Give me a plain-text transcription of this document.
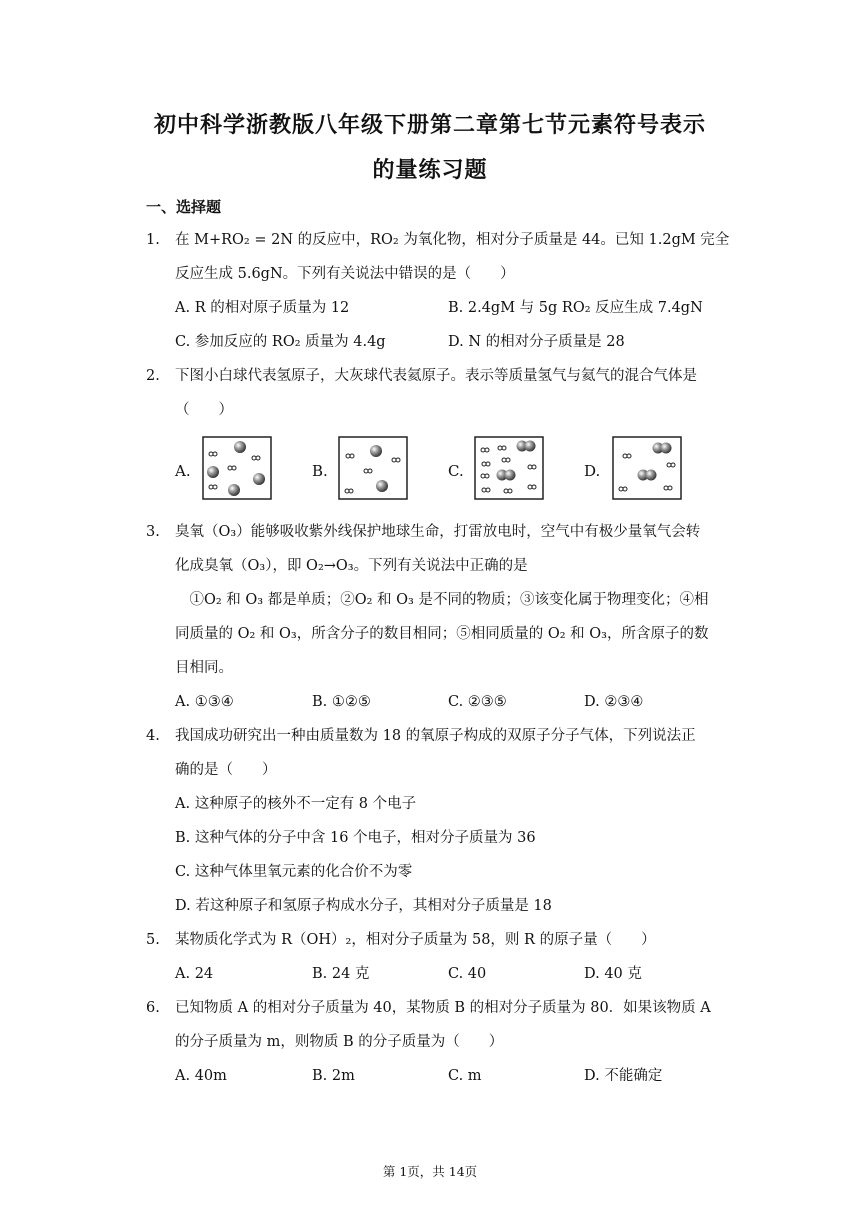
初中科学浙教版八年级下册第二章第七节元素符号表示
的量练习题
一、选择题
1. 在 M+RO₂ = 2N 的反应中，RO₂ 为氧化物，相对分子质量是 44。已知 1.2gM 完全
反应生成 5.6gN。下列有关说法中错误的是（　　）
A. R 的相对原子质量为 12	B. 2.4gM 与 5g RO₂ 反应生成 7.4gN
C. 参加反应的 RO₂ 质量为 4.4g	D. N 的相对分子质量是 28
2. 下图小白球代表氢原子，大灰球代表氦原子。表示等质量氢气与氦气的混合气体是
（　　）
A.	B.	C.	D.
3. 臭氧（O₃）能够吸收紫外线保护地球生命，打雷放电时，空气中有极少量氧气会转
化成臭氧（O₃），即 O₂→O₃。下列有关说法中正确的是
　①O₂ 和 O₃ 都是单质；②O₂ 和 O₃ 是不同的物质；③该变化属于物理变化；④相
同质量的 O₂ 和 O₃，所含分子的数目相同；⑤相同质量的 O₂ 和 O₃，所含原子的数
目相同。
A. ①③④	B. ①②⑤	C. ②③⑤	D. ②③④
4. 我国成功研究出一种由质量数为 18 的氧原子构成的双原子分子气体，下列说法正
确的是（　　）
A. 这种原子的核外不一定有 8 个电子
B. 这种气体的分子中含 16 个电子，相对分子质量为 36
C. 这种气体里氧元素的化合价不为零
D. 若这种原子和氢原子构成水分子，其相对分子质量是 18
5. 某物质化学式为 R（OH）₂，相对分子质量为 58，则 R 的原子量（　　）
A. 24	B. 24 克	C. 40	D. 40 克
6. 已知物质 A 的相对分子质量为 40，某物质 B 的相对分子质量为 80．如果该物质 A
的分子质量为 m，则物质 B 的分子质量为（　　）
A. 40m	B. 2m	C. m	D. 不能确定
第 1页，共 14页
